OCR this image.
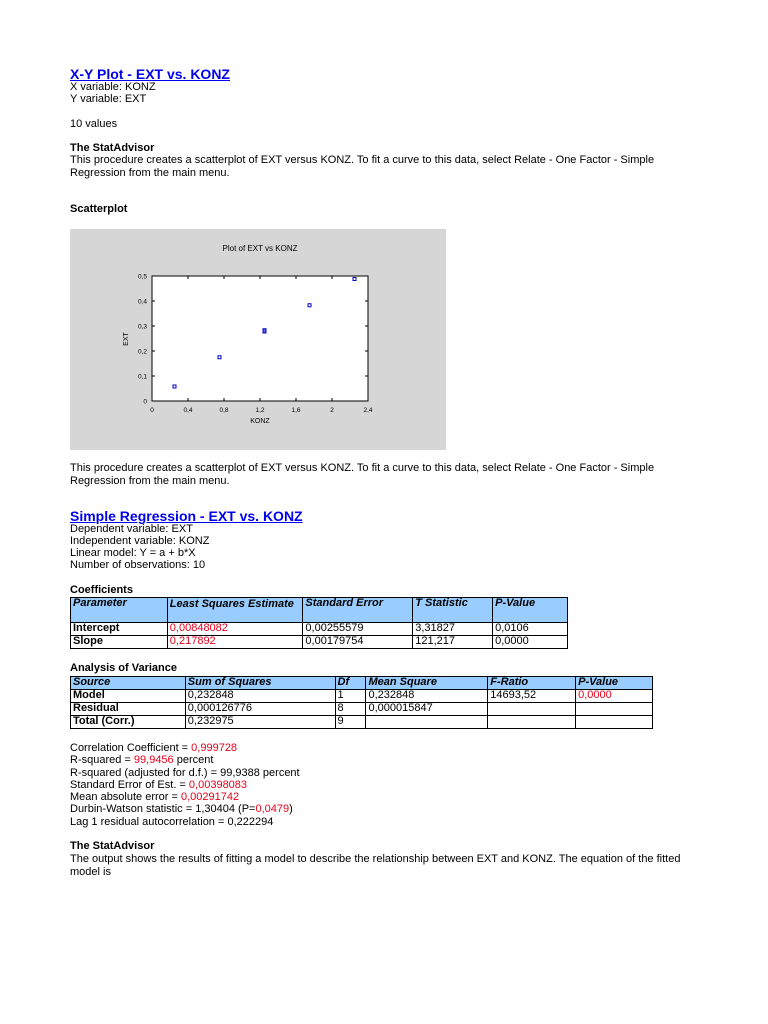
X-Y Plot - EXT vs. KONZ
X variable: KONZ
Y variable: EXT
10 values
The StatAdvisor
This procedure creates a scatterplot of EXT versus KONZ. To fit a curve to this data, select Relate - One Factor - Simple Regression from the main menu.
Scatterplot
Plot of EXT vs KONZ
KONZ
EXT
0	0,4	0,8	1,2	1,6	2	2,4
0
0,1
0,2
0,3
0,4
0,5
This procedure creates a scatterplot of EXT versus KONZ. To fit a curve to this data, select Relate - One Factor - Simple Regression from the main menu.
Simple Regression - EXT vs. KONZ
Dependent variable: EXT
Independent variable: KONZ
Linear model: Y = a + b*X
Number of observations: 10
Coefficients
Parameter	Least Squares Estimate	Standard Error	T Statistic	P-Value
Intercept	0,00848082	0,00255579	3,31827	0,0106
Slope	0,217892	0,00179754	121,217	0,0000
Analysis of Variance
Source	Sum of Squares	Df	Mean Square	F-Ratio	P-Value
Model	0,232848	1	0,232848	14693,52	0,0000
Residual	0,000126776	8	0,000015847		
Total (Corr.)	0,232975	9			
Correlation Coefficient = 0,999728
R-squared = 99,9456 percent
R-squared (adjusted for d.f.) = 99,9388 percent
Standard Error of Est. = 0,00398083
Mean absolute error = 0,00291742
Durbin-Watson statistic = 1,30404 (P=0,0479)
Lag 1 residual autocorrelation = 0,222294
The StatAdvisor
The output shows the results of fitting a model to describe the relationship between EXT and KONZ. The equation of the fitted model is
